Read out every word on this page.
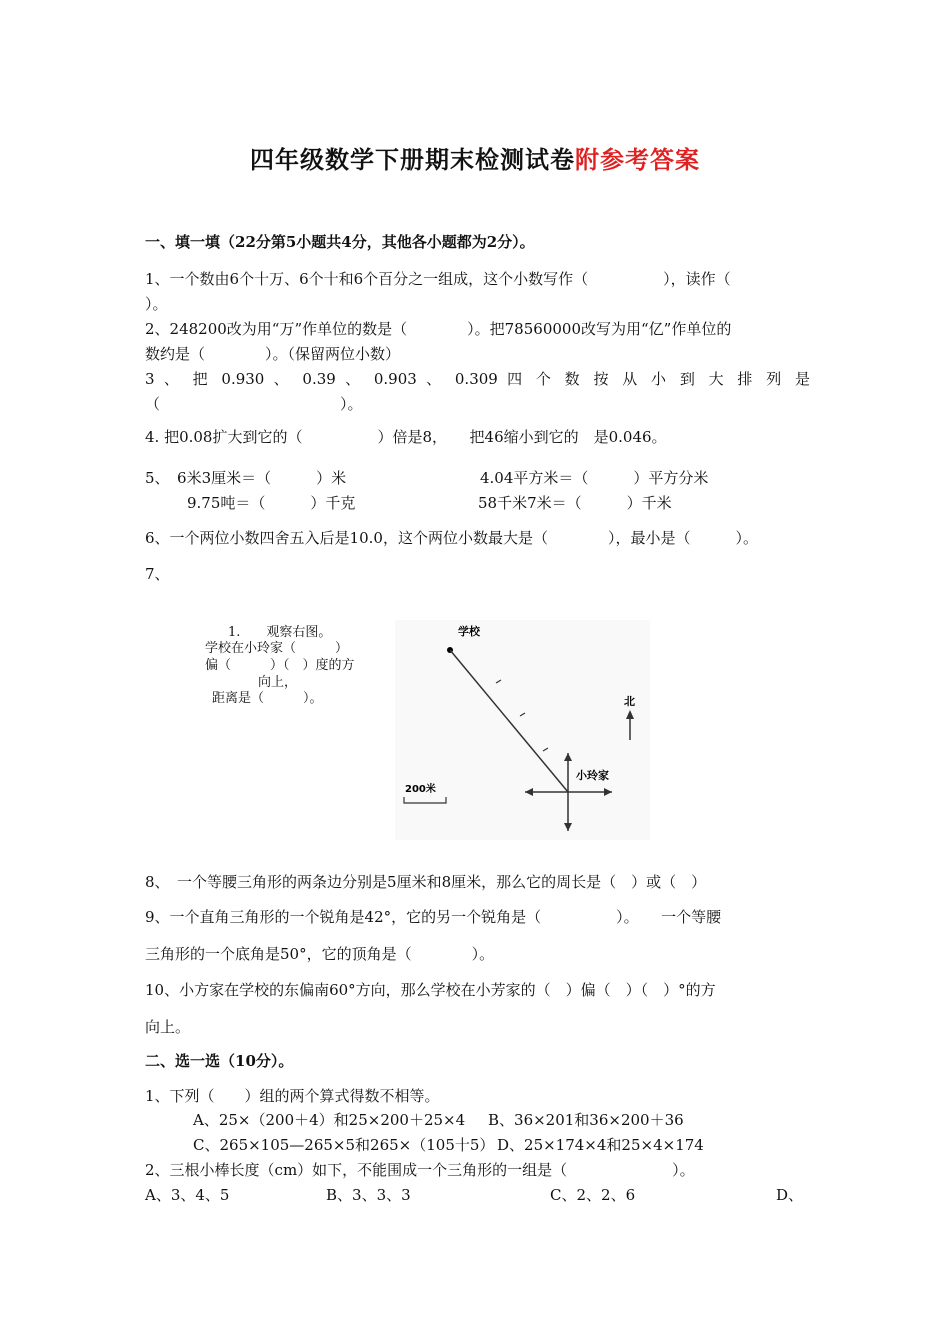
四年级数学下册期末检测试卷附参考答案
一、填一填（22分第5小题共4分，其他各小题都为2分）。
1、一个数由6个十万、6个十和6个百分之一组成，这个小数写作（　　　　　），读作（
）。
2、248200改为用“万”作单位的数是（　　　　）。把78560000改写为用“亿”作单位的
数约是（　　　　）。（保留两位小数）
3 、 把 0.930 、 0.39 、 0.903 、 0.309 四 个 数 按 从 小 到 大 排 列 是
（　　　　　　　　　　　　）。
4. 把0.08扩大到它的（　　　　　）倍是8，　　把46缩小到它的　是0.046。
5、　6米3厘米＝（　　　）米	4.04平方米＝（　　　）平方分米
9.75吨＝（　　　）千克	58千米7米＝（　　　）千米
6、一个两位小数四舍五入后是10.0，这个两位小数最大是（　　　　），最小是（　　　）。
7、
1.　　观察右图。
学校在小玲家（　　　）
偏（　　　）（　）度的方
向上，
距离是（　　　）。
学校
小玲家
北
200米
8、　一个等腰三角形的两条边分别是5厘米和8厘米，那么它的周长是（　）或（　）
9、一个直角三角形的一个锐角是42°，它的另一个锐角是（　　　　　）。　　一个等腰
三角形的一个底角是50°，它的顶角是（　　　　）。
10、小方家在学校的东偏南60°方向，那么学校在小芳家的（　）偏（　）（　）°的方
向上。
二、选一选（10分）。
1、下列（　　）组的两个算式得数不相等。
A、25×（200＋4）和25×200＋25×4	B、36×201和36×200＋36
C、265×105—265×5和265×（105十5） D、25×174×4和25×4×174
2、三根小棒长度（cm）如下，不能围成一个三角形的一组是（　　　　　　　）。
A、3、4、5	B、3、3、3	C、2、2、6	D、
